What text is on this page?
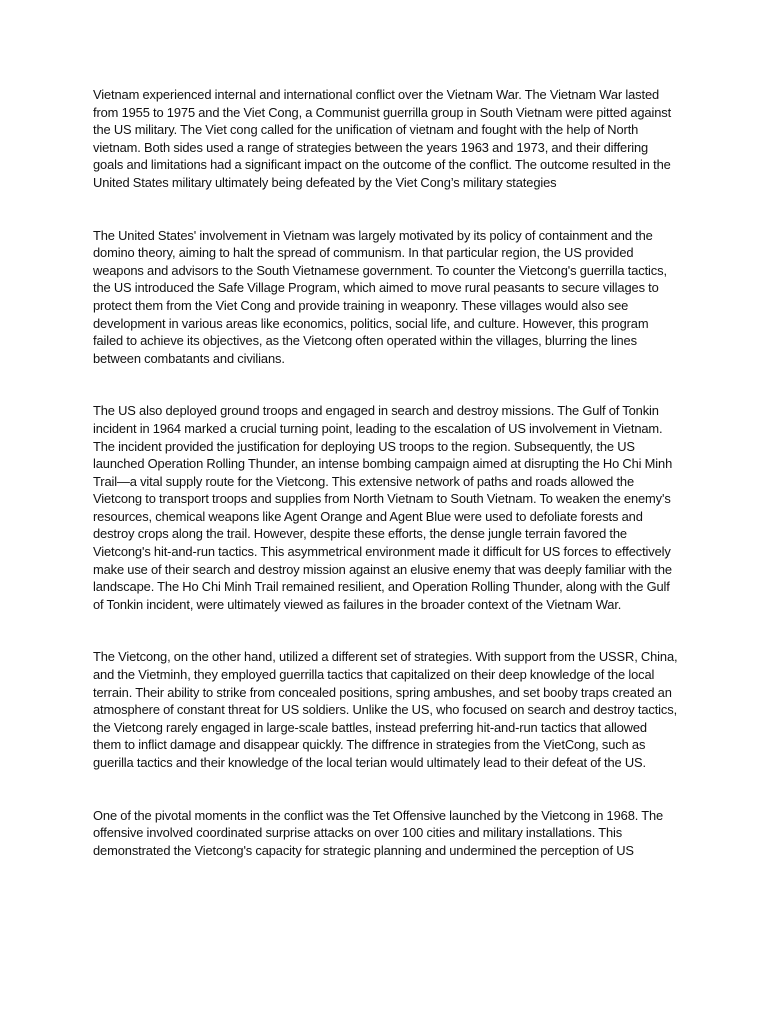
Vietnam experienced internal and international conflict over the Vietnam War. The Vietnam War lasted from 1955 to 1975 and the Viet Cong, a Communist guerrilla group in South Vietnam were pitted against the US military. The Viet cong called for the unification of vietnam and fought with the help of North vietnam. Both sides used a range of strategies between the years 1963 and 1973, and their differing goals and limitations had a significant impact on the outcome of the conflict. The outcome resulted in the United States military ultimately being defeated by the Viet Cong’s military stategies

The United States' involvement in Vietnam was largely motivated by its policy of containment and the domino theory, aiming to halt the spread of communism. In that particular region, the US provided weapons and advisors to the South Vietnamese government. To counter the Vietcong's guerrilla tactics, the US introduced the Safe Village Program, which aimed to move rural peasants to secure villages to protect them from the Viet Cong and provide training in weaponry. These villages would also see development in various areas like economics, politics, social life, and culture. However, this program failed to achieve its objectives, as the Vietcong often operated within the villages, blurring the lines between combatants and civilians.

The US also deployed ground troops and engaged in search and destroy missions. The Gulf of Tonkin incident in 1964 marked a crucial turning point, leading to the escalation of US involvement in Vietnam. The incident provided the justification for deploying US troops to the region. Subsequently, the US launched Operation Rolling Thunder, an intense bombing campaign aimed at disrupting the Ho Chi Minh Trail—a vital supply route for the Vietcong. This extensive network of paths and roads allowed the Vietcong to transport troops and supplies from North Vietnam to South Vietnam. To weaken the enemy's resources, chemical weapons like Agent Orange and Agent Blue were used to defoliate forests and destroy crops along the trail. However, despite these efforts, the dense jungle terrain favored the Vietcong's hit-and-run tactics. This asymmetrical environment made it difficult for US forces to effectively make use of their search and destroy mission against an elusive enemy that was deeply familiar with the landscape. The Ho Chi Minh Trail remained resilient, and Operation Rolling Thunder, along with the Gulf of Tonkin incident, were ultimately viewed as failures in the broader context of the Vietnam War.

The Vietcong, on the other hand, utilized a different set of strategies. With support from the USSR, China, and the Vietminh, they employed guerrilla tactics that capitalized on their deep knowledge of the local terrain. Their ability to strike from concealed positions, spring ambushes, and set booby traps created an atmosphere of constant threat for US soldiers. Unlike the US, who focused on search and destroy tactics, the Vietcong rarely engaged in large-scale battles, instead preferring hit-and-run tactics that allowed them to inflict damage and disappear quickly. The diffrence in strategies from the VietCong, such as guerilla tactics and their knowledge of the local terian would ultimately lead to their defeat of the US.

One of the pivotal moments in the conflict was the Tet Offensive launched by the Vietcong in 1968. The offensive involved coordinated surprise attacks on over 100 cities and military installations. This demonstrated the Vietcong's capacity for strategic planning and undermined the perception of US
